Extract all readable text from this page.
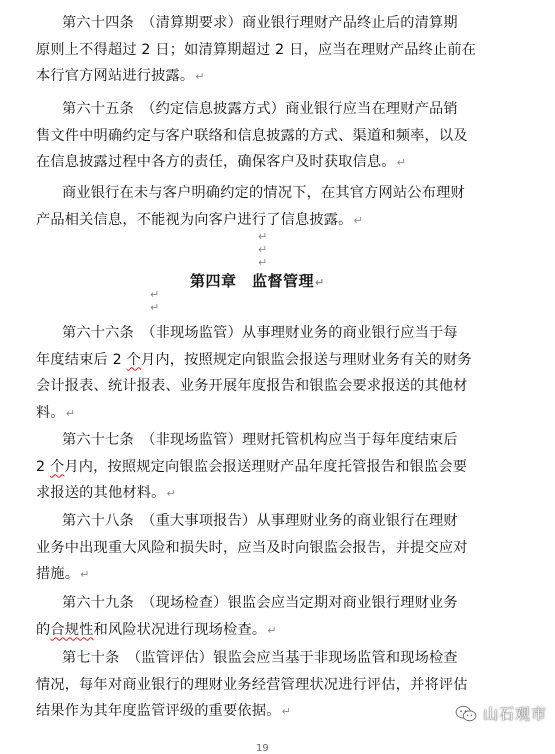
第六十四条　 （清算期要求）商业银行理财产品终止后的清算期
原则上不得超过 2 日；如清算期超过 2 日，应当在理财产品终止前在
本行官方网站进行披露。↵
第六十五条　 （约定信息披露方式）商业银行应当在理财产品销
售文件中明确约定与客户联络和信息披露的方式、渠道和频率，以及
在信息披露过程中各方的责任，确保客户及时获取信息。↵
商业银行在未与客户明确约定的情况下，在其官方网站公布理财
产品相关信息，不能视为向客户进行了信息披露。↵
↵
↵
↵
第四章　监督管理↵
↵
↵
第六十六条　 （非现场监管）从事理财业务的商业银行应当于每
年度结束后 2 个月内，按照规定向银监会报送与理财业务有关的财务
会计报表、统计报表、业务开展年度报告和银监会要求报送的其他材
料。↵
第六十七条　 （非现场监管）理财托管机构应当于每年度结束后
2 个月内，按照规定向银监会报送理财产品年度托管报告和银监会要
求报送的其他材料。↵
第六十八条　 （重大事项报告）从事理财业务的商业银行在理财
业务中出现重大风险和损失时，应当及时向银监会报告，并提交应对
措施。↵
第六十九条　 （现场检查）银监会应当定期对商业银行理财业务
的合规性和风险状况进行现场检查。↵
第七十条　 （监管评估）银监会应当基于非现场监管和现场检查
情况，每年对商业银行的理财业务经营管理状况进行评估，并将评估
结果作为其年度监管评级的重要依据。↵	山石观市
19
